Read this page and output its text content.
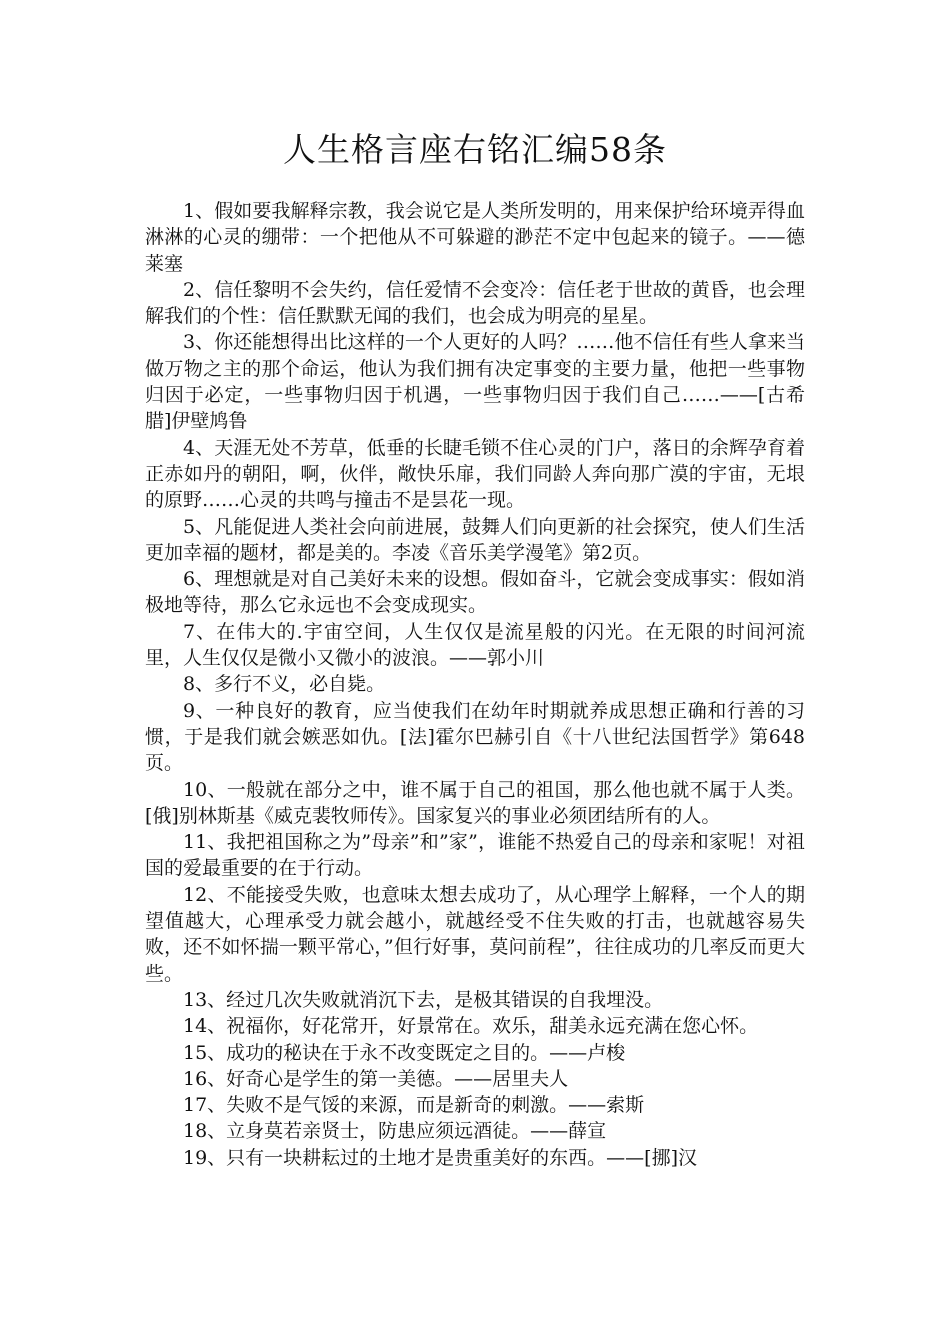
人生格言座右铭汇编58条

1、假如要我解释宗教，我会说它是人类所发明的，用来保护给环境弄得血淋淋的心灵的绷带：一个把他从不可躲避的渺茫不定中包起来的镜子。——德莱塞

2、信任黎明不会失约，信任爱情不会变冷：信任老于世故的黄昏，也会理解我们的个性：信任默默无闻的我们，也会成为明亮的星星。

3、你还能想得出比这样的一个人更好的人吗？……他不信任有些人拿来当做万物之主的那个命运，他认为我们拥有决定事变的主要力量，他把一些事物归因于必定，一些事物归因于机遇，一些事物归因于我们自己……——[古希腊]伊壁鸠鲁

4、天涯无处不芳草，低垂的长睫毛锁不住心灵的门户，落日的余辉孕育着正赤如丹的朝阳，啊，伙伴，敞快乐扉，我们同龄人奔向那广漠的宇宙，无垠的原野……心灵的共鸣与撞击不是昙花一现。

5、凡能促进人类社会向前进展，鼓舞人们向更新的社会探究，使人们生活更加幸福的题材，都是美的。李凌《音乐美学漫笔》第2页。

6、理想就是对自己美好未来的设想。假如奋斗，它就会变成事实：假如消极地等待，那么它永远也不会变成现实。

7、在伟大的.宇宙空间，人生仅仅是流星般的闪光。在无限的时间河流里，人生仅仅是微小又微小的波浪。——郭小川

8、多行不义，必自毙。

9、一种良好的教育，应当使我们在幼年时期就养成思想正确和行善的习惯，于是我们就会嫉恶如仇。[法]霍尔巴赫引自《十八世纪法国哲学》第648页。

10、一般就在部分之中，谁不属于自己的祖国，那么他也就不属于人类。[俄]别林斯基《威克裴牧师传》。国家复兴的事业必须团结所有的人。

11、我把祖国称之为”母亲”和”家”，谁能不热爱自己的母亲和家呢！对祖国的爱最重要的在于行动。

12、不能接受失败，也意味太想去成功了，从心理学上解释，一个人的期望值越大，心理承受力就会越小，就越经受不住失败的打击，也就越容易失败，还不如怀揣一颗平常心，”但行好事，莫问前程”，往往成功的几率反而更大些。

13、经过几次失败就消沉下去，是极其错误的自我埋没。

14、祝福你，好花常开，好景常在。欢乐，甜美永远充满在您心怀。

15、成功的秘诀在于永不改变既定之目的。——卢梭

16、好奇心是学生的第一美德。——居里夫人

17、失败不是气馁的来源，而是新奇的刺激。——索斯

18、立身莫若亲贤士，防患应须远酒徒。——薛宣

19、只有一块耕耘过的土地才是贵重美好的东西。——[挪]汉
